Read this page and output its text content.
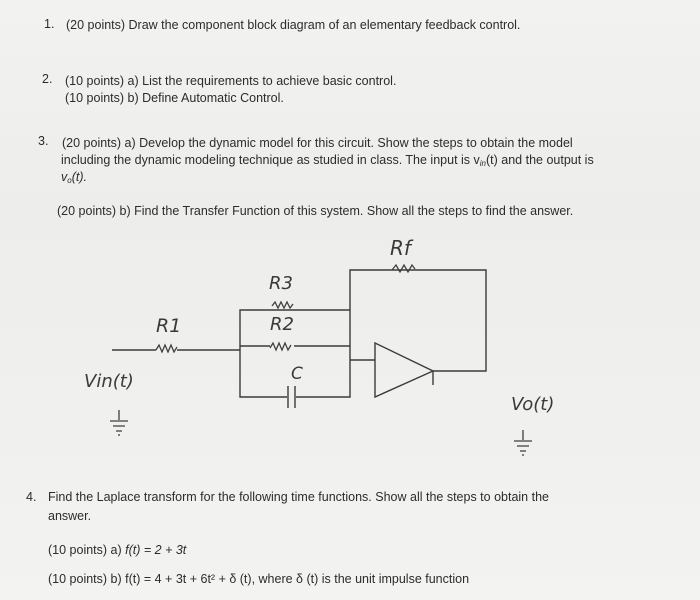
1. (20 points) Draw the component block diagram of an elementary feedback control.
2. (10 points) a) List the requirements to achieve basic control.
(10 points) b) Define Automatic Control.
3. (20 points) a) Develop the dynamic model for this circuit. Show the steps to obtain the model
including the dynamic modeling technique as studied in class. The input is $v_{in}(t)$ and the output is
$v_o(t)$.
(20 points) b) Find the Transfer Function of this system. Show all the steps to find the answer.
Rf
R3
R2
C
R1
Vin(t)
Vo(t)
4. Find the Laplace transform for the following time functions. Show all the steps to obtain the
answer.
(10 points) a) f(t) = 2 + 3t
(10 points) b) f(t) = 4 + 3t + 6t² + δ (t), where δ (t) is the unit impulse function
